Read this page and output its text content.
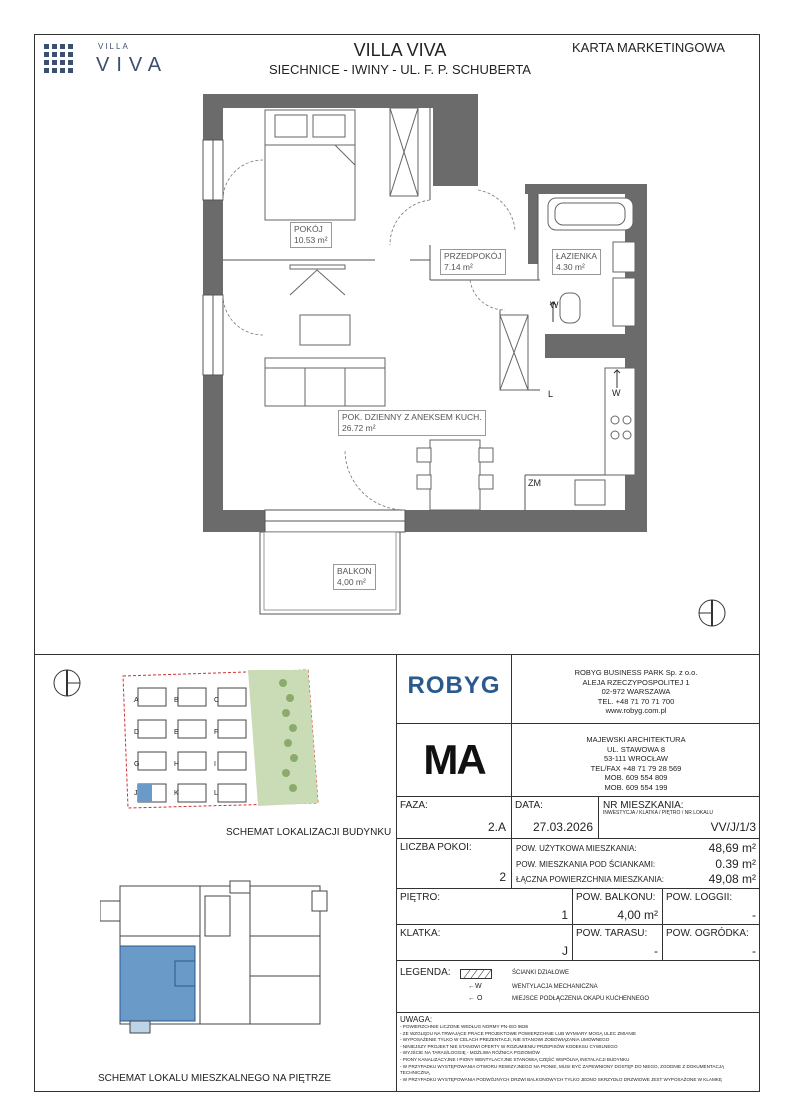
VILLA
VIVA
VILLA VIVA
SIECHNICE - IWINY - UL. F. P. SCHUBERTA
KARTA MARKETINGOWA
W
W
L
ZM
POKÓJ
10.53 m²
PRZEDPOKÓJ
7.14 m²
ŁAZIENKA
4.30 m²
POK. DZIENNY Z ANEKSEM KUCH.
26.72 m²
BALKON
4,00 m²
A	B	C
D	E	F
G	H	I
J	K	L
SCHEMAT LOKALIZACJI BUDYNKU
SCHEMAT LOKALU MIESZKALNEGO NA PIĘTRZE
ROBYG	ROBYG BUSINESS PARK Sp. z o.o.
ALEJA RZECZYPOSPOLITEJ 1
02-972 WARSZAWA
TEL. +48 71 70 71 700
www.robyg.com.pl
MA	MAJEWSKI ARCHITEKTURA
UL. STAWOWA 8
53-111 WROCŁAW
TEL/FAX +48 71 79 28 569
MOB. 609 554 809
MOB. 609 554 199
FAZA:
2.A
DATA:
27.03.2026
NR MIESZKANIA:
INWESTYCJA / KLATKA / PIĘTRO / NR LOKALU
VV/J/1/3
LICZBA POKOI:
2
POW. UŻYTKOWA MIESZKANIA:	48,69 m²
POW. MIESZKANIA POD ŚCIANKAMI:	0.39 m²
ŁĄCZNA POWIERZCHNIA MIESZKANIA:	49,08 m²
PIĘTRO:
1
POW. BALKONU:
4,00 m²
POW. LOGGII:
-
KLATKA:
J
POW. TARASU:
-
POW. OGRÓDKA:
-
LEGENDA:	ŚCIANKI DZIAŁOWE
←W	WENTYLACJA MECHANICZNA
← O	MIEJSCE PODŁĄCZENIA OKAPU KUCHENNEGO
UWAGA:
- POWIERZCHNIE LICZONE WEDŁUG NORMY PN-ISO 9836
- ZE WZGLĘDU NA TRWAJĄCE PRACE PROJEKTOWE POWIERZCHNIE LUB WYMIARY MOGĄ ULEC ZMIANIE
- WYPOSAŻENIE TYLKO W CELACH PREZENTACJI, NIE STANOWI ZOBOWIĄZANIA UMOWNEGO
- NINIEJSZY PROJEKT NIE STANOWI OFERTY W ROZUMIENIU PRZEPISÓW KODEKSU CYWILNEGO
- WYJŚCIE NA TARAS/LOGGIĘ - MOŻLIWA RÓŻNICA POZIOMÓW
- PIONY KANALIZACYJNE I PIONY WENTYLACYJNE STANOWIĄ CZĘŚĆ WSPÓLNĄ INSTALACJI BUDYNKU
- W PRZYPADKU WYSTĘPOWANIA OTWORU REWIZYJNEGO NA PIONIE, MUSI BYĆ ZAPEWNIONY DOSTĘP DO NIEGO, ZGODNIE Z DOKUMENTACJĄ
TECHNICZNĄ
- W PRZYPADKU WYSTĘPOWANIA PODWÓJNYCH DRZWI BALKONOWYCH TYLKO JEDNO SKRZYDŁO DRZWIOWE JEST WYPOSAŻONE W KLAMKĘ
